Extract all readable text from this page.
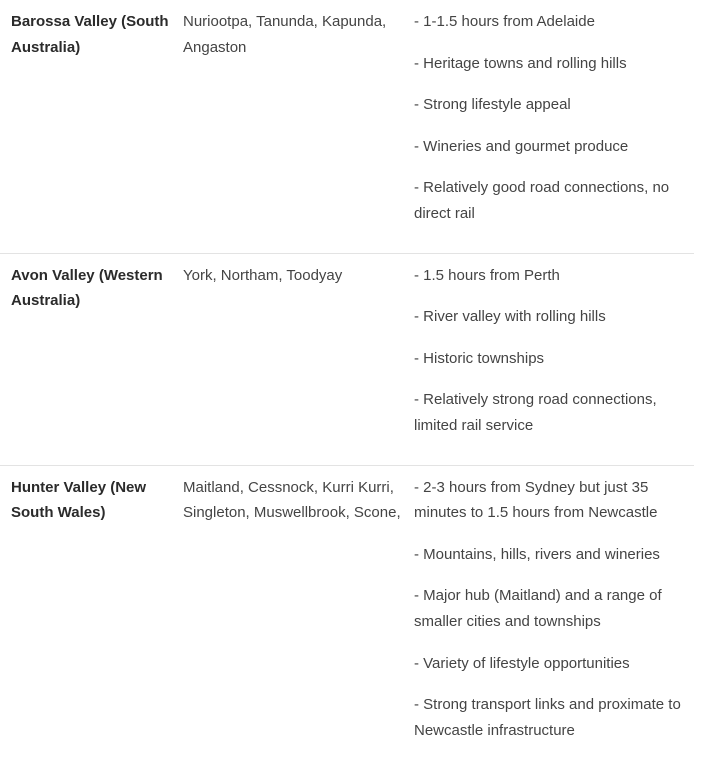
Barossa Valley (South Australia)	Nuriootpa, Tanunda, Kapunda, Angaston	- 1-1.5 hours from Adelaide

- Heritage towns and rolling hills

- Strong lifestyle appeal

- Wineries and gourmet produce

- Relatively good road connections, no direct rail

Avon Valley (Western Australia)	York, Northam, Toodyay	- 1.5 hours from Perth

- River valley with rolling hills

- Historic townships

- Relatively strong road connections, limited rail service

Hunter Valley (New South Wales)	Maitland, Cessnock, Kurri Kurri, Singleton, Muswellbrook, Scone,	- 2-3 hours from Sydney but just 35 minutes to 1.5 hours from Newcastle

- Mountains, hills, rivers and wineries

- Major hub (Maitland) and a range of smaller cities and townships

- Variety of lifestyle opportunities

- Strong transport links and proximate to Newcastle infrastructure
